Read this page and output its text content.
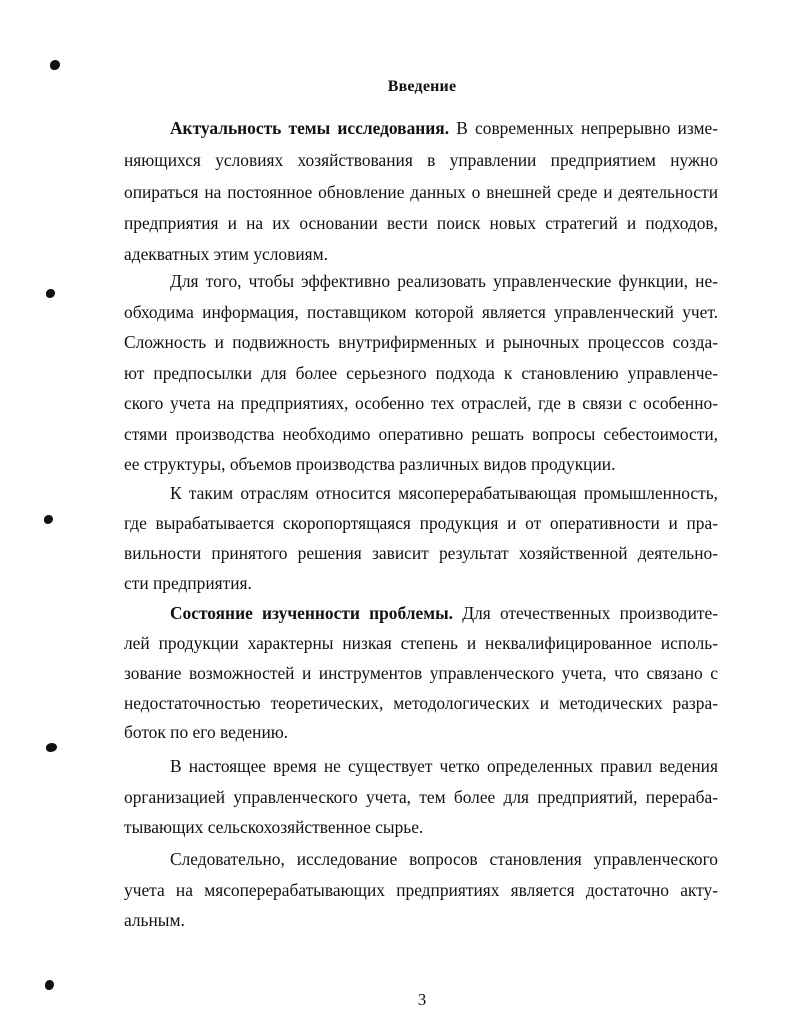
Введение
Актуальность темы исследования. В современных непрерывно изме-
няющихся условиях хозяйствования в управлении предприятием нужно
опираться на постоянное обновление данных о внешней среде и деятельности
предприятия и на их основании вести поиск новых стратегий и подходов,
адекватных этим условиям.
Для того, чтобы эффективно реализовать управленческие функции, не-
обходима информация, поставщиком которой является управленческий учет.
Сложность и подвижность внутрифирменных и рыночных процессов созда-
ют предпосылки для более серьезного подхода к становлению управленче-
ского учета на предприятиях, особенно тех отраслей, где в связи с особенно-
стями производства необходимо оперативно решать вопросы себестоимости,
ее структуры, объемов производства различных видов продукции.
К таким отраслям относится мясоперерабатывающая промышленность,
где вырабатывается скоропортящаяся продукция и от оперативности и пра-
вильности принятого решения зависит результат хозяйственной деятельно-
сти предприятия.
Состояние изученности проблемы. Для отечественных производите-
лей продукции характерны низкая степень и неквалифицированное исполь-
зование возможностей и инструментов управленческого учета, что связано с
недостаточностью теоретических, методологических и методических разра-
боток по его ведению.
В настоящее время не существует четко определенных правил ведения
организацией управленческого учета, тем более для предприятий, перераба-
тывающих сельскохозяйственное сырье.
Следовательно, исследование вопросов становления управленческого
учета на мясоперерабатывающих предприятиях является достаточно акту-
альным.
3
